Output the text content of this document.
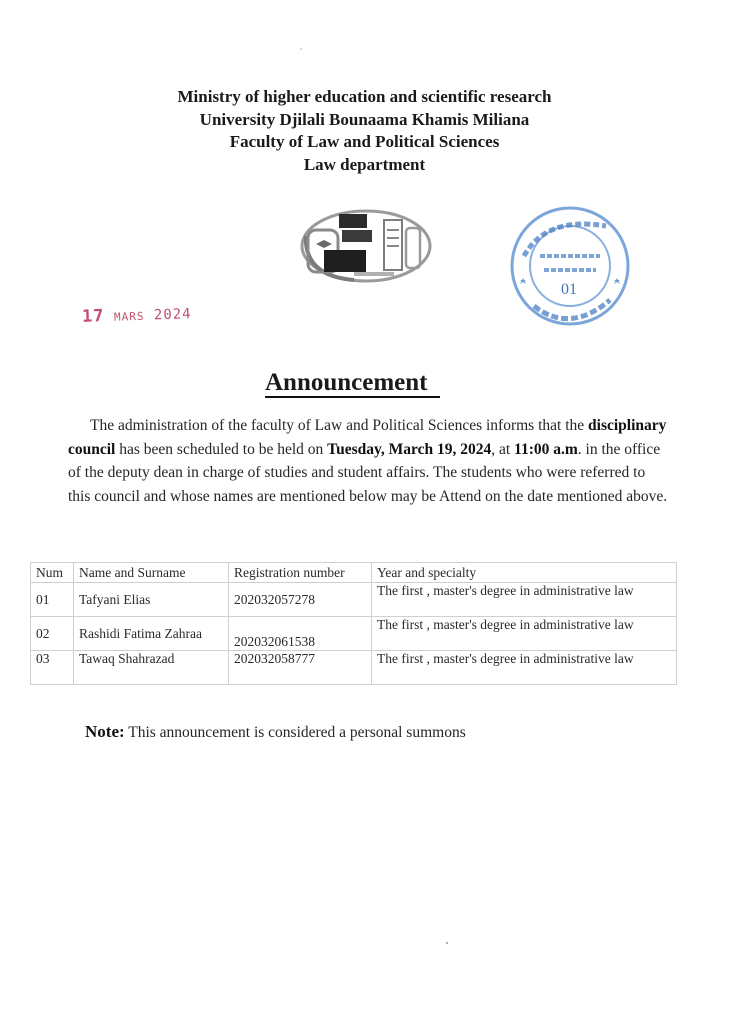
Ministry of higher education and scientific research
University Djilali Bounaama Khamis Miliana
Faculty of Law and Political Sciences
Law department
01
17 MARS 2024
Announcement

The administration of the faculty of Law and Political Sciences informs that the disciplinary council has been scheduled to be held on Tuesday, March 19, 2024, at 11:00 a.m. in the office of the deputy dean in charge of studies and student affairs. The students who were referred to this council and whose names are mentioned below may be Attend on the date mentioned above.

Num	Name and Surname	Registration number	Year and specialty
01	Tafyani Elias	202032057278	The first , master's degree in administrative law
02	Rashidi Fatima Zahraa	202032061538	The first , master's degree in administrative law
03	Tawaq Shahrazad	202032058777	The first , master's degree in administrative law
Note: This announcement is considered a personal summons
